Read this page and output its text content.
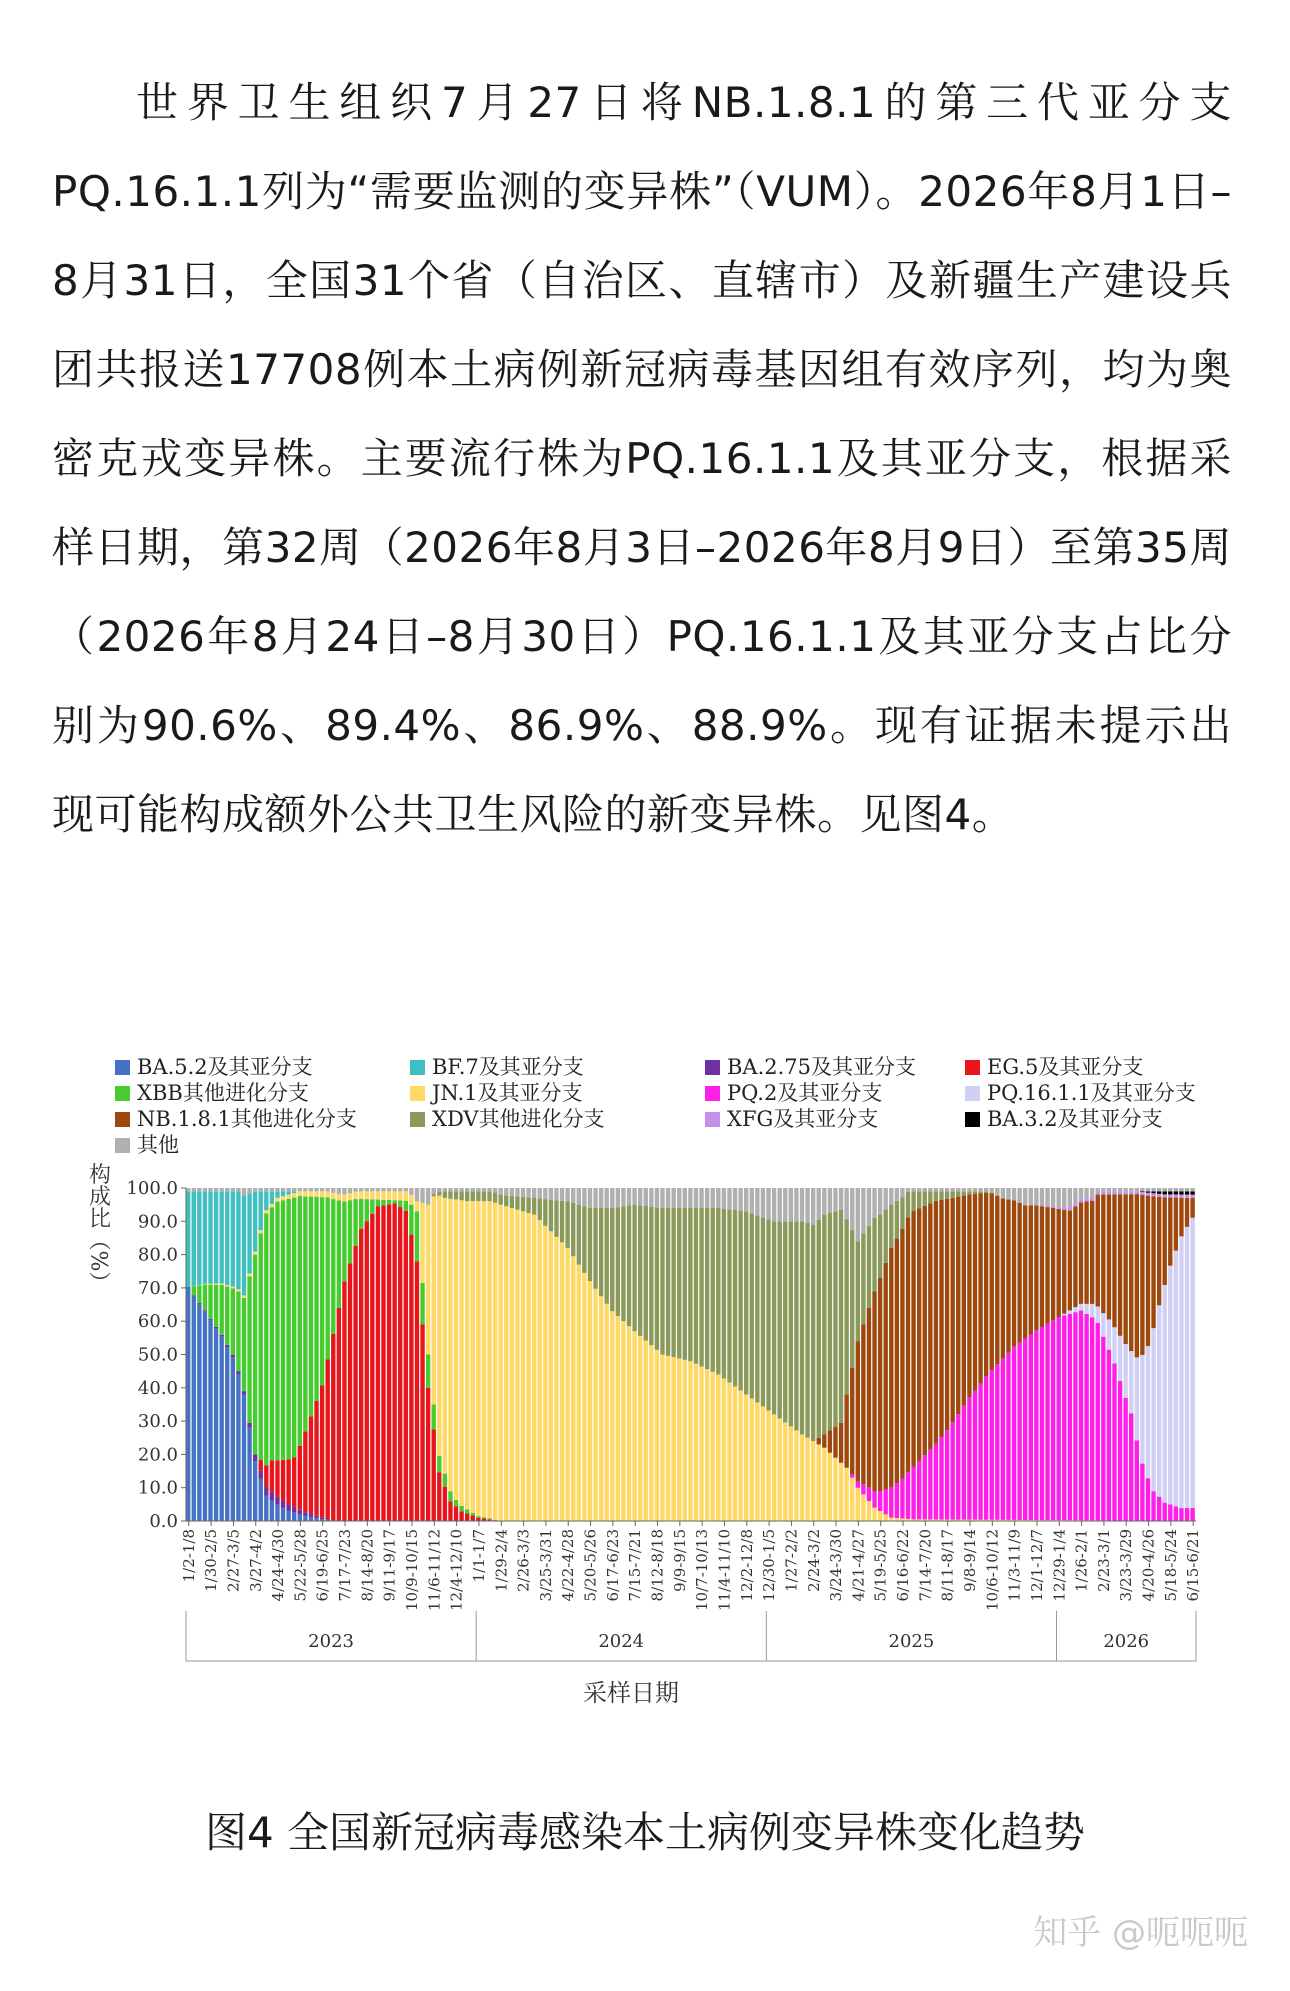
世界卫生组织7月27日将NB.1.8.1的第三代亚分支PQ.16.1.1列为“需要监测的变异株”（VUM）。2026年8月1日–8月31日，全国31个省（自治区、直辖市）及新疆生产建设兵团共报送17708例本土病例新冠病毒基因组有效序列，均为奥密克戎变异株。主要流行株为PQ.16.1.1及其亚分支，根据采样日期，第32周（2026年8月3日–2026年8月9日）至第35周（2026年8月24日–8月30日）PQ.16.1.1及其亚分支占比分别为90.6%、89.4%、86.9%、88.9%。现有证据未提示出现可能构成额外公共卫生风险的新变异株。见图4。

BA.5.2及其亚分支	BF.7及其亚分支	BA.2.75及其亚分支	EG.5及其亚分支
XBB其他进化分支	JN.1及其亚分支	PQ.2及其亚分支	PQ.16.1.1及其亚分支
NB.1.8.1其他进化分支	XDV其他进化分支	XFG及其亚分支	BA.3.2及其亚分支
其他
0.0
10.0
20.0
30.0
40.0
50.0
60.0
70.0
80.0
90.0
100.0
1/2-1/8 1/30-2/5 2/27-3/5 3/27-4/2 4/24-4/30 5/22-5/28 6/19-6/25 7/17-7/23 8/14-8/20 9/11-9/17 10/9-10/15 11/6-11/12 12/4-12/10 1/1-1/7 1/29-2/4 2/26-3/3 3/25-3/31 4/22-4/28 5/20-5/26 6/17-6/23 7/15-7/21 8/12-8/18 9/9-9/15 10/7-10/13 11/4-11/10 12/2-12/8 12/30-1/5 1/27-2/2 2/24-3/2 3/24-3/30 4/21-4/27 5/19-5/25 6/16-6/22 7/14-7/20 8/11-8/17 9/8-9/14 10/6-10/12 11/3-11/9 12/1-12/7 12/29-1/4 1/26-2/1 2/23-3/1 3/23-3/29 4/20-4/26 5/18-5/24 6/15-6/21
2023	2024	2025	2026
构成比（%）
采样日期
图4 全国新冠病毒感染本土病例变异株变化趋势
知乎 @呃呃呃
